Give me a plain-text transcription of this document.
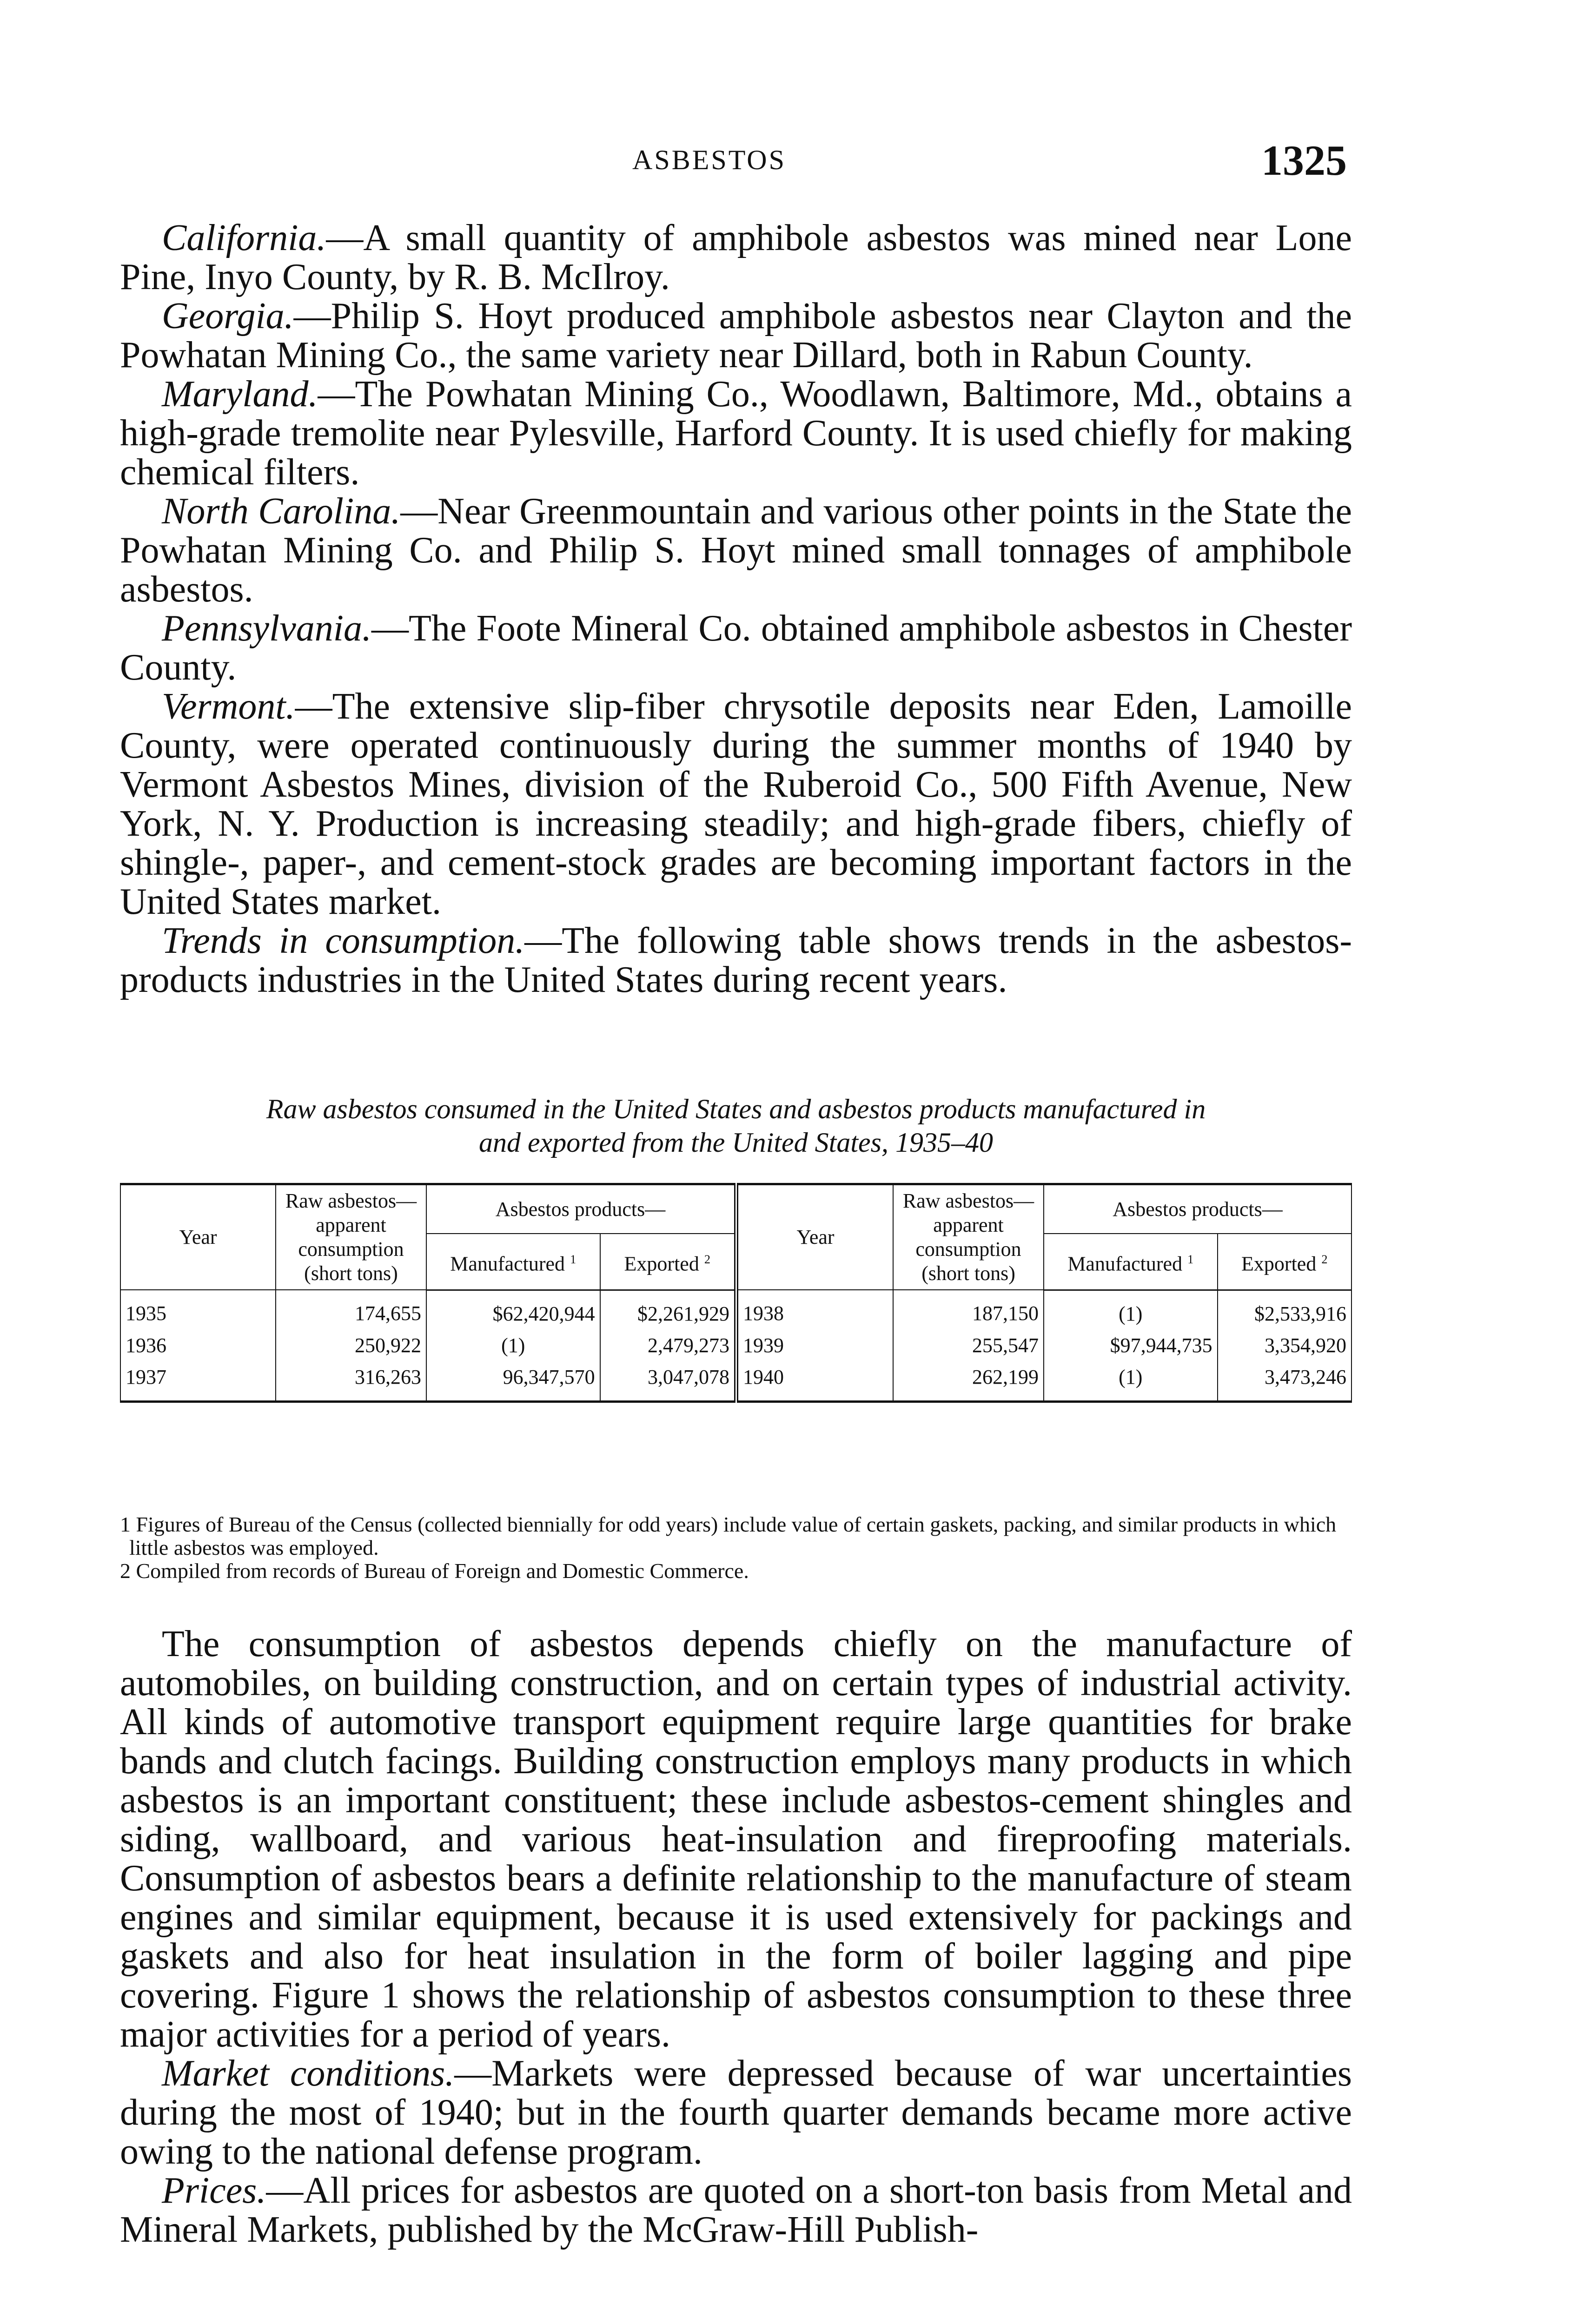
ASBESTOS	1325

California.—A small quantity of amphibole asbestos was mined near Lone Pine, Inyo County, by R. B. McIlroy.

Georgia.—Philip S. Hoyt produced amphibole asbestos near Clayton and the Powhatan Mining Co., the same variety near Dillard, both in Rabun County.

Maryland.—The Powhatan Mining Co., Woodlawn, Baltimore, Md., obtains a high-grade tremolite near Pylesville, Harford County. It is used chiefly for making chemical filters.

North Carolina.—Near Greenmountain and various other points in the State the Powhatan Mining Co. and Philip S. Hoyt mined small tonnages of amphibole asbestos.

Pennsylvania.—The Foote Mineral Co. obtained amphibole asbestos in Chester County.

Vermont.—The extensive slip-fiber chrysotile deposits near Eden, Lamoille County, were operated continuously during the summer months of 1940 by Vermont Asbestos Mines, division of the Ruberoid Co., 500 Fifth Avenue, New York, N. Y. Production is increasing steadily; and high-grade fibers, chiefly of shingle-, paper-, and cement-stock grades are becoming important factors in the United States market.

Trends in consumption.—The following table shows trends in the asbestos-products industries in the United States during recent years.

Raw asbestos consumed in the United States and asbestos products manufactured in
and exported from the United States, 1935–40
Year	Raw asbestos—apparent consumption (short tons)	Asbestos products—		Year	Raw asbestos—apparent consumption (short tons)	Asbestos products—	
		Manufactured $^1$	Exported $^2$			Manufactured $^1$	Exported $^2$
1935	174,655	$62,420,944	$2,261,929	1938	187,150	(1)	$2,533,916
1936	250,922	(1)	2,479,273	1939	255,547	$97,944,735	3,354,920
1937	316,263	96,347,570	3,047,078	1940	262,199	(1)	3,473,246

1 Figures of Bureau of the Census (collected biennially for odd years) include value of certain gaskets, packing, and similar products in which little asbestos was employed.

2 Compiled from records of Bureau of Foreign and Domestic Commerce.

The consumption of asbestos depends chiefly on the manufacture of automobiles, on building construction, and on certain types of industrial activity. All kinds of automotive transport equipment require large quantities for brake bands and clutch facings. Building construction employs many products in which asbestos is an important constituent; these include asbestos-cement shingles and siding, wallboard, and various heat-insulation and fireproofing materials. Consumption of asbestos bears a definite relationship to the manufacture of steam engines and similar equipment, because it is used extensively for packings and gaskets and also for heat insulation in the form of boiler lagging and pipe covering. Figure 1 shows the relationship of asbestos consumption to these three major activities for a period of years.

Market conditions.—Markets were depressed because of war uncertainties during the most of 1940; but in the fourth quarter demands became more active owing to the national defense program.

Prices.—All prices for asbestos are quoted on a short-ton basis from Metal and Mineral Markets, published by the McGraw-Hill Publish-
